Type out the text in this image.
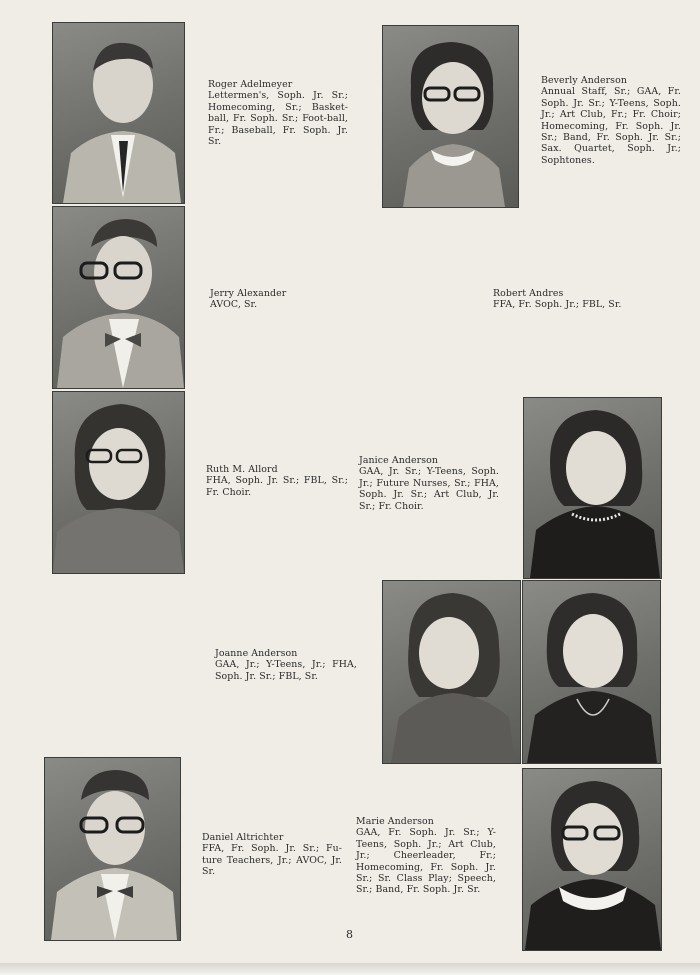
Roger Adelmeyer
Lettermen's, Soph. Jr. Sr.; Homecoming, Sr.; Basket-ball, Fr. Soph. Sr.; Foot-ball, Fr.; Baseball, Fr. Soph. Jr. Sr.
Beverly Anderson
Annual Staff, Sr.; GAA, Fr. Soph. Jr. Sr.; Y-Teens, Soph. Jr.; Art Club, Fr.; Fr. Choir; Homecoming, Fr. Soph. Jr. Sr.; Band, Fr. Soph. Jr. Sr.; Sax. Quartet, Soph. Jr.; Sophtones.
Jerry Alexander
AVOC, Sr.
Robert Andres
FFA, Fr. Soph. Jr.; FBL, Sr.
Ruth M. Allord
FHA, Soph. Jr. Sr.; FBL, Sr.; Fr. Choir.
Janice Anderson
GAA, Jr. Sr.; Y-Teens, Soph. Jr.; Future Nurses, Sr.; FHA, Soph. Jr. Sr.; Art Club, Jr. Sr.; Fr. Choir.
Joanne Anderson
GAA, Jr.; Y-Teens, Jr.; FHA, Soph. Jr. Sr.; FBL, Sr.
Daniel Altrichter
FFA, Fr. Soph. Jr. Sr.; Fu-ture Teachers, Jr.; AVOC, Jr. Sr.
Marie Anderson
GAA, Fr. Soph. Jr. Sr.; Y-Teens, Soph. Jr.; Art Club, Jr.; Cheerleader, Fr.; Homecoming, Fr. Soph. Jr. Sr.; Sr. Class Play; Speech, Sr.; Band, Fr. Soph. Jr. Sr.
8
